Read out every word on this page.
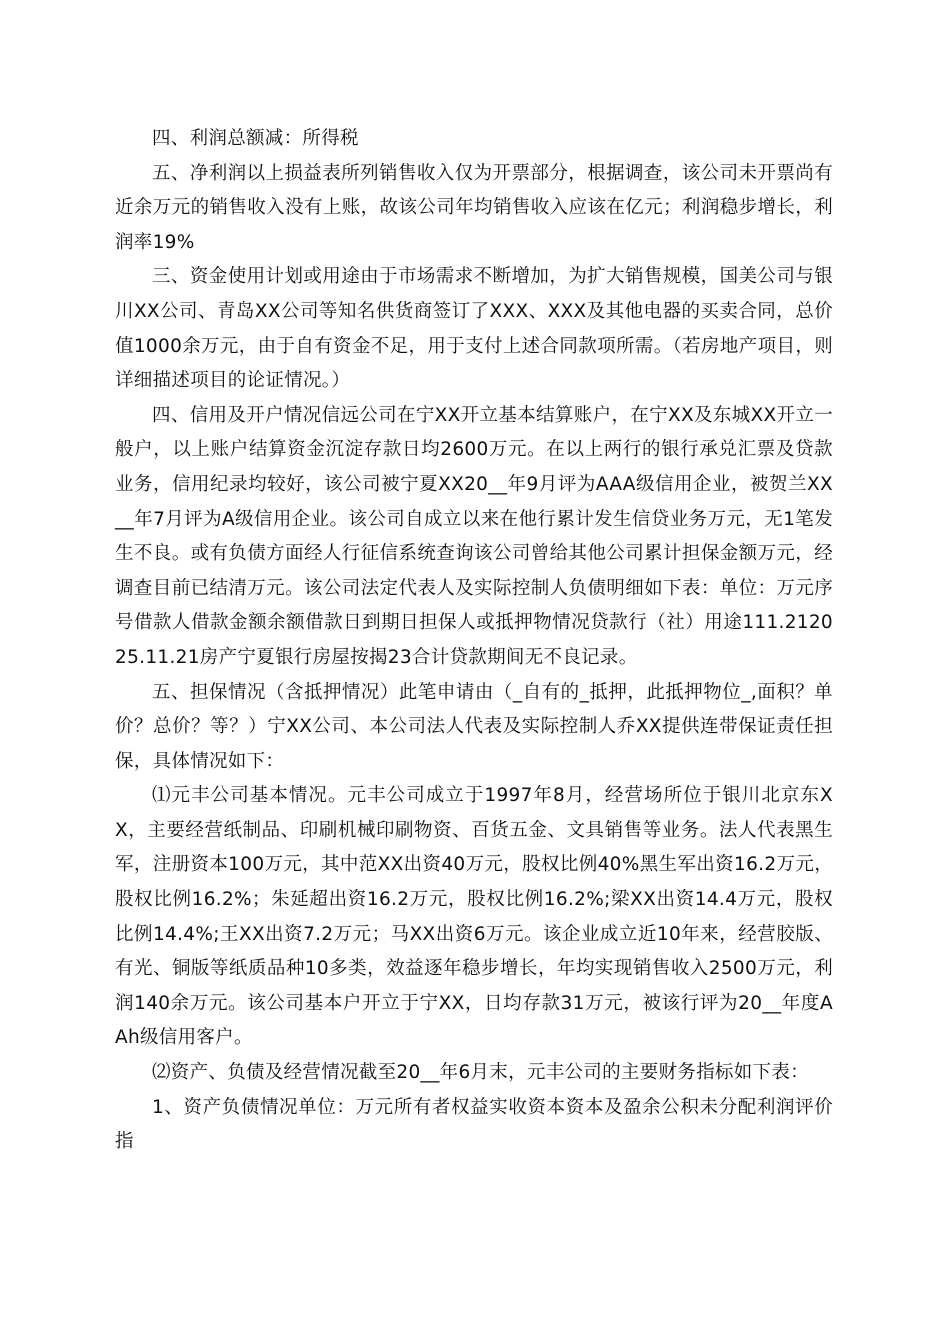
四、利润总额减：所得税

五、净利润以上损益表所列销售收入仅为开票部分，根据调查，该公司未开票尚有近余万元的销售收入没有上账，故该公司年均销售收入应该在亿元；利润稳步增长，利润率19%

三、资金使用计划或用途由于市场需求不断增加，为扩大销售规模，国美公司与银川XX公司、青岛XX公司等知名供货商签订了XXX、XXX及其他电器的买卖合同，总价值1000余万元，由于自有资金不足，用于支付上述合同款项所需。（若房地产项目，则详细描述项目的论证情况。）

四、信用及开户情况信远公司在宁XX开立基本结算账户，在宁XX及东城XX开立一般户，以上账户结算资金沉淀存款日均2600万元。在以上两行的银行承兑汇票及贷款业务，信用纪录均较好，该公司被宁夏XX20__年9月评为AAA级信用企业，被贺兰XX__年7月评为A级信用企业。该公司自成立以来在他行累计发生信贷业务万元，无1笔发生不良。或有负债方面经人行征信系统查询该公司曾给其他公司累计担保金额万元，经调查目前已结清万元。该公司法定代表人及实际控制人负债明细如下表：单位：万元序号借款人借款金额余额借款日到期日担保人或抵押物情况贷款行（社）用途111.212025.11.21房产宁夏银行房屋按揭23合计贷款期间无不良记录。

五、担保情况（含抵押情况）此笔申请由（_自有的_抵押，此抵押物位_,面积？单价？总价？等？）宁XX公司、本公司法人代表及实际控制人乔XX提供连带保证责任担保，具体情况如下：

⑴元丰公司基本情况。元丰公司成立于1997年8月，经营场所位于银川北京东XX，主要经营纸制品、印刷机械印刷物资、百货五金、文具销售等业务。法人代表黑生军，注册资本100万元，其中范XX出资40万元，股权比例40%黑生军出资16.2万元，股权比例16.2%；朱延超出资16.2万元，股权比例16.2%;梁XX出资14.4万元，股权比例14.4%;王XX出资7.2万元；马XX出资6万元。该企业成立近10年来，经营胶版、有光、铜版等纸质品种10多类，效益逐年稳步增长，年均实现销售收入2500万元，利润140余万元。该公司基本户开立于宁XX，日均存款31万元，被该行评为20__年度AAh级信用客户。

⑵资产、负债及经营情况截至20__年6月末，元丰公司的主要财务指标如下表：

1、资产负债情况单位：万元所有者权益实收资本资本及盈余公积未分配利润评价指
